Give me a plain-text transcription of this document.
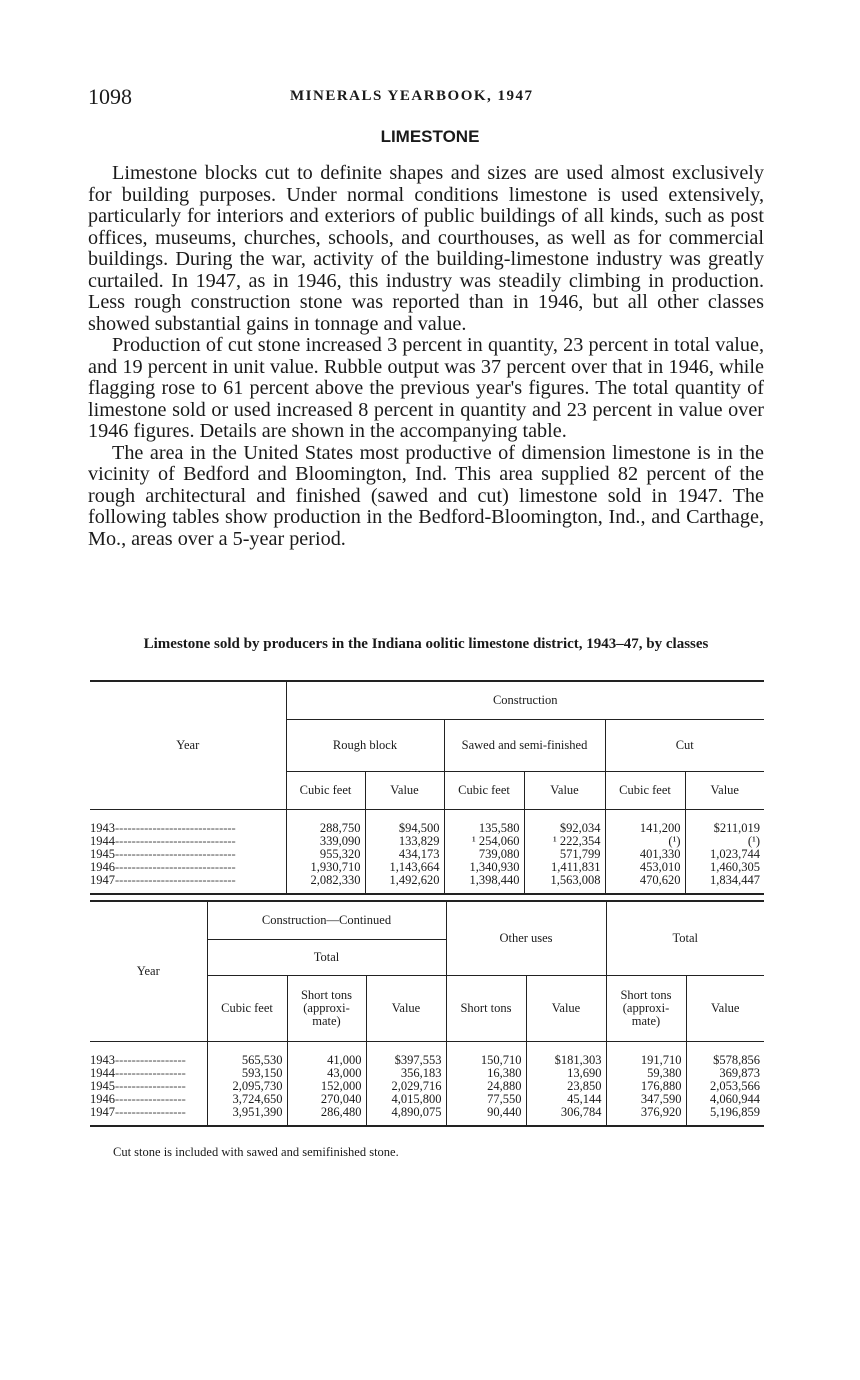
1098	MINERALS YEARBOOK, 1947
LIMESTONE

Limestone blocks cut to definite shapes and sizes are used almost exclusively for building purposes. Under normal conditions limestone is used extensively, particularly for interiors and exteriors of public buildings of all kinds, such as post offices, museums, churches, schools, and courthouses, as well as for commercial buildings. During the war, activity of the building-limestone industry was greatly curtailed. In 1947, as in 1946, this industry was steadily climbing in production. Less rough construction stone was reported than in 1946, but all other classes showed substantial gains in tonnage and value.

Production of cut stone increased 3 percent in quantity, 23 percent in total value, and 19 percent in unit value. Rubble output was 37 percent over that in 1946, while flagging rose to 61 percent above the previous year's figures. The total quantity of limestone sold or used increased 8 percent in quantity and 23 percent in value over 1946 figures. Details are shown in the accompanying table.

The area in the United States most productive of dimension limestone is in the vicinity of Bedford and Bloomington, Ind. This area supplied 82 percent of the rough architectural and finished (sawed and cut) limestone sold in 1947. The following tables show production in the Bedford-Bloomington, Ind., and Carthage, Mo., areas over a 5-year period.

Limestone sold by producers in the Indiana oolitic limestone district, 1943–47, by classes
Year	Construction					
	Rough block		Sawed and semi-finished		Cut	
	Cubic feet	Value	Cubic feet	Value	Cubic feet	Value
1943-----------------------------	288,750	$94,500	135,580	$92,034	141,200	$211,019
1944-----------------------------	339,090	133,829	¹ 254,060	¹ 222,354	(¹)	(¹)
1945-----------------------------	955,320	434,173	739,080	571,799	401,330	1,023,744
1946-----------------------------	1,930,710	1,143,664	1,340,930	1,411,831	453,010	1,460,305
1947-----------------------------	2,082,330	1,492,620	1,398,440	1,563,008	470,620	1,834,447
Year	Construction—Continued			Other uses		Total	
	Total						
	Cubic feet	Short tons (approxi-mate)	Value	Short tons	Value	Short tons (approxi-mate)	Value
1943-----------------	565,530	41,000	$397,553	150,710	$181,303	191,710	$578,856
1944-----------------	593,150	43,000	356,183	16,380	13,690	59,380	369,873
1945-----------------	2,095,730	152,000	2,029,716	24,880	23,850	176,880	2,053,566
1946-----------------	3,724,650	270,040	4,015,800	77,550	45,144	347,590	4,060,944
1947-----------------	3,951,390	286,480	4,890,075	90,440	306,784	376,920	5,196,859
Cut stone is included with sawed and semifinished stone.
